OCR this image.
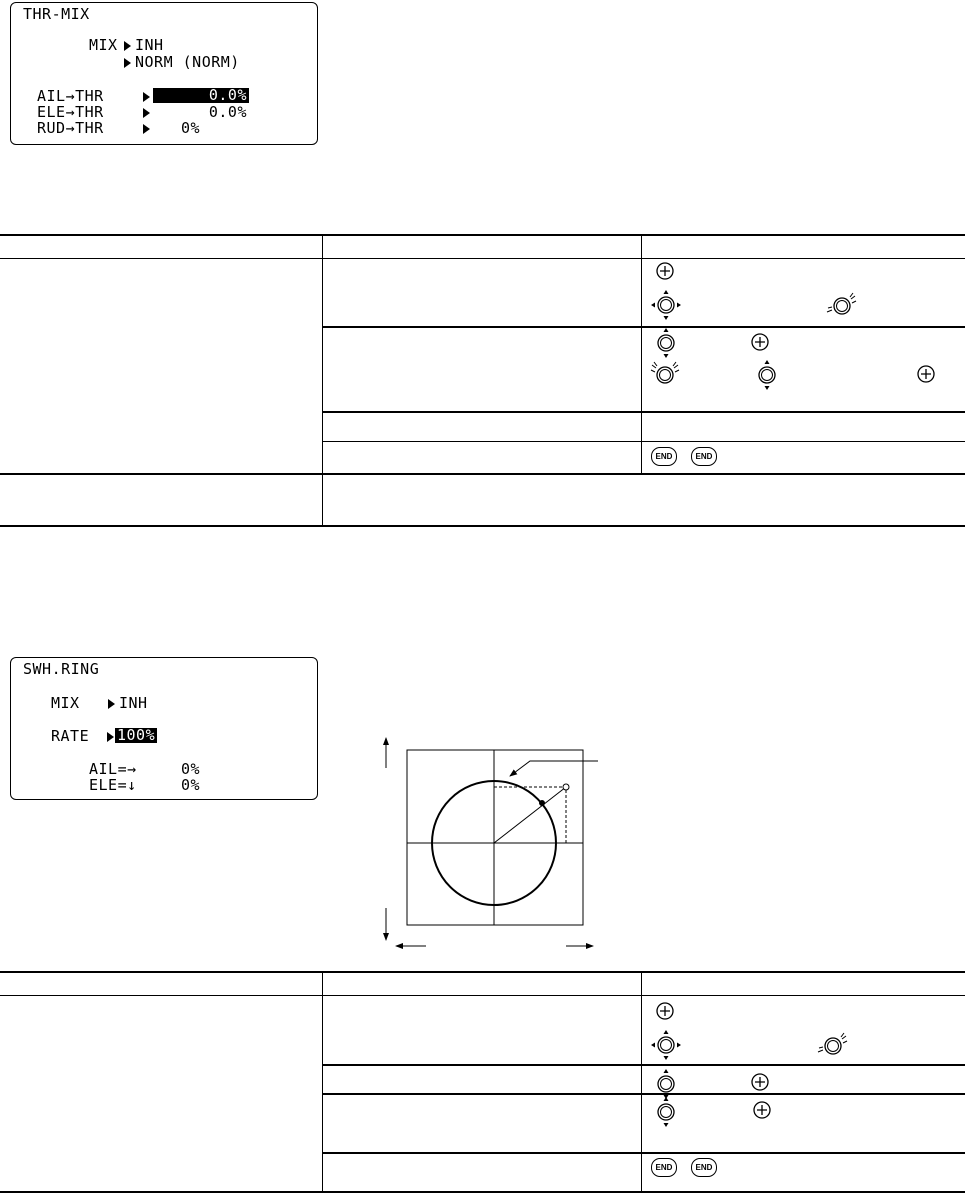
THR-MIX
MIX INH
NORM (NORM)
AIL→THR	0.0%
ELE→THR	0.0%
RUD→THR	0%
END	END
SWH.RING
MIX	INH
RATE 100%
AIL=→	0%
ELE=↓	0%
END	END
